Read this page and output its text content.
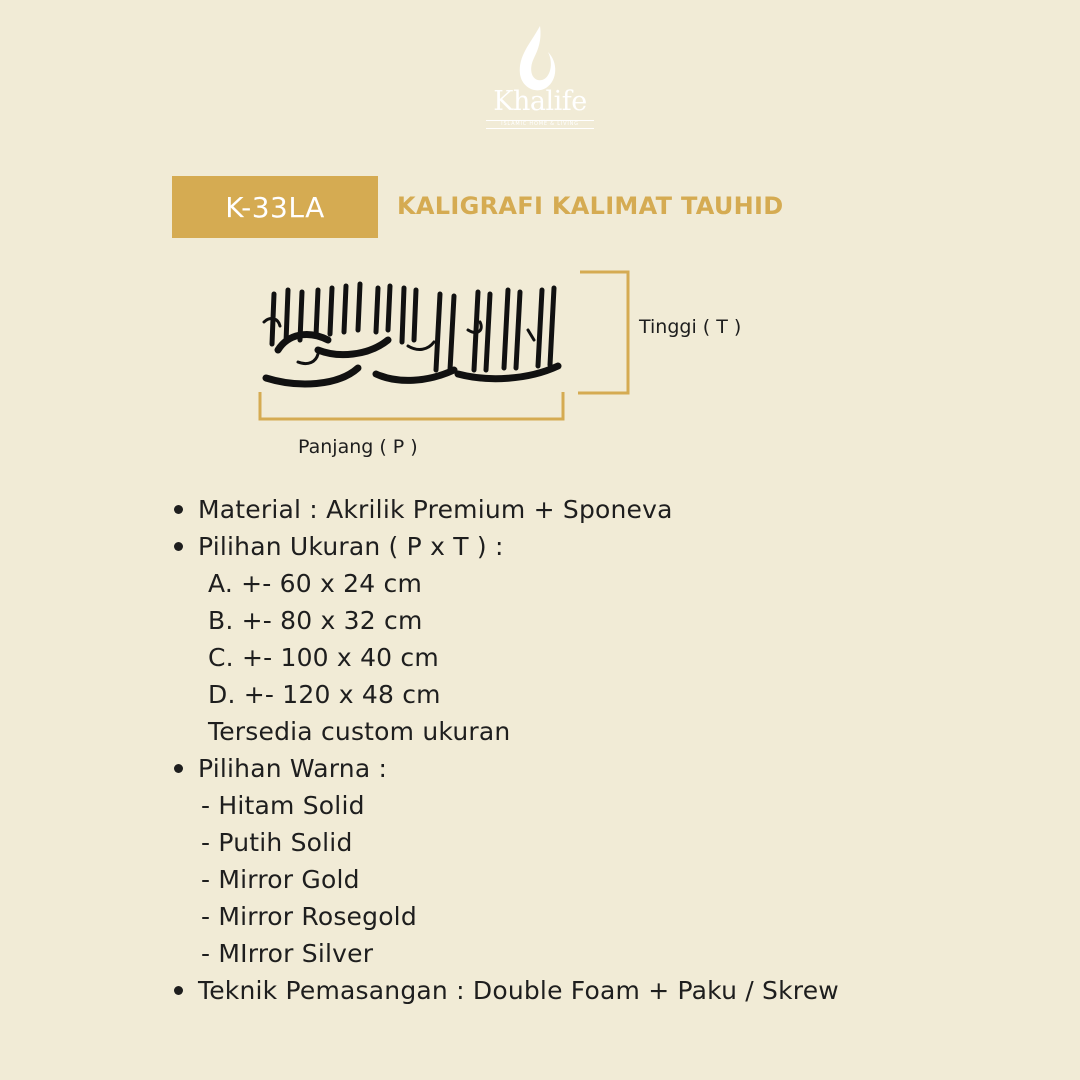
Khalife
ISLAMIC HOME & LIVING
K-33LA	KALIGRAFI KALIMAT TAUHID
Tinggi ( T )
Panjang ( P )
Material : Akrilik Premium + Sponeva
Pilihan Ukuran ( P x T ) :
A. +- 60 x 24 cm
B. +- 80 x 32 cm
C. +- 100 x 40 cm
D. +- 120 x 48 cm
Tersedia custom ukuran
Pilihan Warna :
- Hitam Solid
- Putih Solid
- Mirror Gold
- Mirror Rosegold
- MIrror Silver
Teknik Pemasangan : Double Foam + Paku / Skrew
